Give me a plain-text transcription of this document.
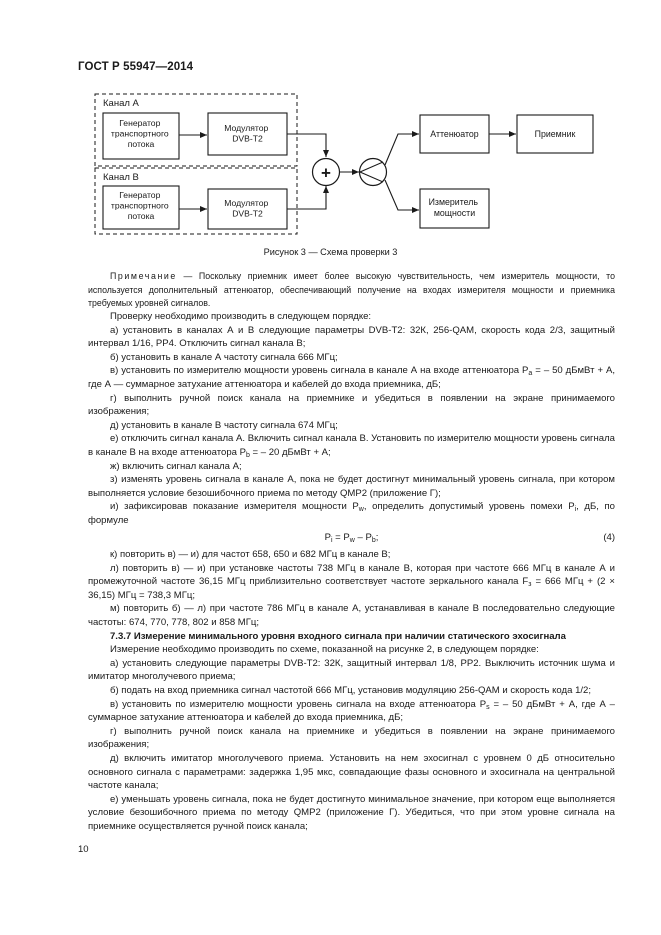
ГОСТ Р 55947—2014
Канал А
Генератор транспортного потока
Модулятор DVB-T2
Канал В
Генератор транспортного потока
Модулятор DVB-T2
+
Аттенюатор	Приемник
Измеритель мощности
Рисунок 3 — Схема проверки 3

Примечание — Поскольку приемник имеет более высокую чувствительность, чем измеритель мощности, то используется дополнительный аттенюатор, обеспечивающий получение на входах измерителя мощности и приемника требуемых уровней сигналов.

Проверку необходимо производить в следующем порядке:

а) установить в каналах А и В следующие параметры DVB-T2: 32К, 256-QAM, скорость кода 2/3, защитный интервал 1/16, PP4. Отключить сигнал канала В;

б) установить в канале А частоту сигнала 666 МГц;

в) установить по измерителю мощности уровень сигнала в канале А на входе аттенюатора $P_a$ = – 50 дБмВт + А, где А — суммарное затухание аттенюатора и кабелей до входа приемника, дБ;

г) выполнить ручной поиск канала на приемнике и убедиться в появлении на экране принимаемого изображения;

д) установить в канале В частоту сигнала 674 МГц;

е) отключить сигнал канала А. Включить сигнал канала В. Установить по измерителю мощности уровень сигнала в канале В на входе аттенюатора $P_b$ = – 20 дБмВт + А;

ж) включить сигнал канала А;

з) изменять уровень сигнала в канале А, пока не будет достигнут минимальный уровень сигнала, при котором выполняется условие безошибочного приема по методу QMP2 (приложение Г);

и) зафиксировав показание измерителя мощности $P_w$, определить допустимый уровень помехи $P_i$, дБ, по формуле

$P_i = P_w - P_b$;	(4)

к) повторить в) — и) для частот 658, 650 и 682 МГц в канале В;

л) повторить в) — и) при установке частоты 738 МГц в канале В, которая при частоте 666 МГц в канале А и промежуточной частоте 36,15 МГц приблизительно соответствует частоте зеркального канала $F_з = 666$ МГц + (2 × 36,15) МГц = 738,3 МГц;

м) повторить б) — л) при частоте 786 МГц в канале А, устанавливая в канале В последовательно следующие частоты: 674, 770, 778, 802 и 858 МГц;

7.3.7 Измерение минимального уровня входного сигнала при наличии статического эхосигнала

Измерение необходимо производить по схеме, показанной на рисунке 2, в следующем порядке:

а) установить следующие параметры DVB-T2: 32К, защитный интервал 1/8, PP2. Выключить источник шума и имитатор многолучевого приема;

б) подать на вход приемника сигнал частотой 666 МГц, установив модуляцию 256-QAM и скорость кода 1/2;

в) установить по измерителю мощности уровень сигнала на входе аттенюатора $P_s$ = – 50 дБмВт + А, где А – суммарное затухание аттенюатора и кабелей до входа приемника, дБ;

г) выполнить ручной поиск канала на приемнике и убедиться в появлении на экране принимаемого изображения;

д) включить имитатор многолучевого приема. Установить на нем эхосигнал с уровнем 0 дБ относительно основного сигнала с параметрами: задержка 1,95 мкс, совпадающие фазы основного и эхосигнала на центральной частоте канала;

е) уменьшать уровень сигнала, пока не будет достигнуто минимальное значение, при котором еще выполняется условие безошибочного приема по методу QMP2 (приложение Г). Убедиться, что при этом уровне сигнала на приемнике осуществляется ручной поиск канала;

10
